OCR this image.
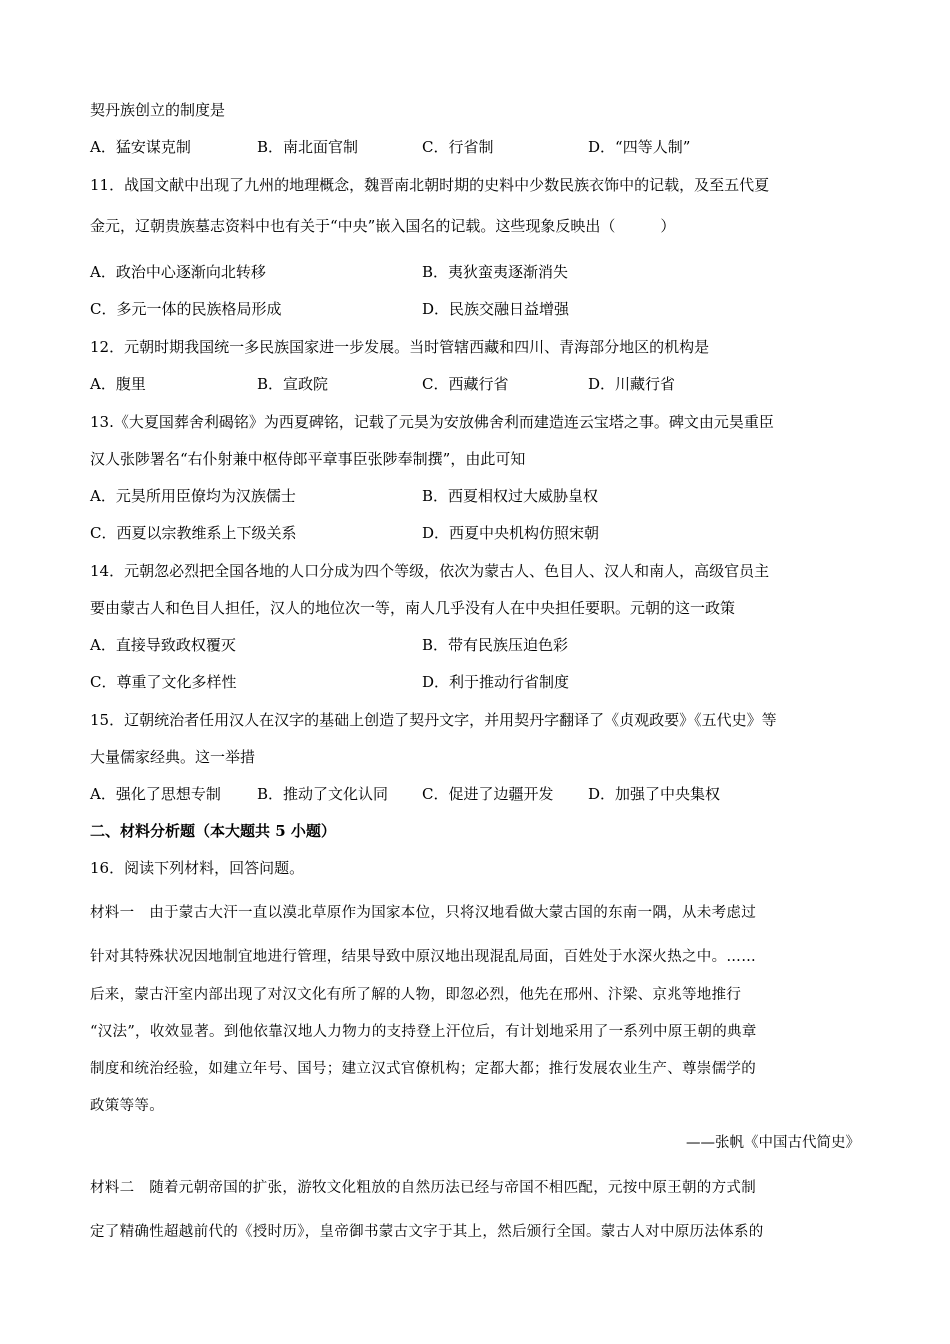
契丹族创立的制度是
A．猛安谋克制	B．南北面官制	C．行省制	D．“四等人制”
11．战国文献中出现了九州的地理概念，魏晋南北朝时期的史料中少数民族衣饰中的记载，及至五代夏
金元，辽朝贵族墓志资料中也有关于“中央”嵌入国名的记载。这些现象反映出（　　　）
A．政治中心逐渐向北转移	B．夷狄蛮夷逐渐消失
C．多元一体的民族格局形成	D．民族交融日益增强
12．元朝时期我国统一多民族国家进一步发展。当时管辖西藏和四川、青海部分地区的机构是
A．腹里	B．宣政院	C．西藏行省	D．川藏行省
13.《大夏国葬舍利碣铭》为西夏碑铭，记载了元昊为安放佛舍利而建造连云宝塔之事。碑文由元昊重臣
汉人张陟署名“右仆射兼中枢侍郎平章事臣张陟奉制撰”，由此可知
A．元昊所用臣僚均为汉族儒士	B．西夏相权过大威胁皇权
C．西夏以宗教维系上下级关系	D．西夏中央机构仿照宋朝
14．元朝忽必烈把全国各地的人口分成为四个等级，依次为蒙古人、色目人、汉人和南人，高级官员主
要由蒙古人和色目人担任，汉人的地位次一等，南人几乎没有人在中央担任要职。元朝的这一政策
A．直接导致政权覆灭	B．带有民族压迫色彩
C．尊重了文化多样性	D．利于推动行省制度
15．辽朝统治者任用汉人在汉字的基础上创造了契丹文字，并用契丹字翻译了《贞观政要》《五代史》等
大量儒家经典。这一举措
A．强化了思想专制 B．推动了文化认同 C．促进了边疆开发 D．加强了中央集权
二、材料分析题（本大题共 5 小题）
16．阅读下列材料，回答问题。
材料一　由于蒙古大汗一直以漠北草原作为国家本位，只将汉地看做大蒙古国的东南一隅，从未考虑过
针对其特殊状况因地制宜地进行管理，结果导致中原汉地出现混乱局面，百姓处于水深火热之中。……
后来，蒙古汗室内部出现了对汉文化有所了解的人物，即忽必烈，他先在邢州、汴梁、京兆等地推行
“汉法”，收效显著。到他依靠汉地人力物力的支持登上汗位后，有计划地采用了一系列中原王朝的典章
制度和统治经验，如建立年号、国号；建立汉式官僚机构；定都大都；推行发展农业生产、尊崇儒学的
政策等等。
——张帆《中国古代简史》
材料二　随着元朝帝国的扩张，游牧文化粗放的自然历法已经与帝国不相匹配，元按中原王朝的方式制
定了精确性超越前代的《授时历》，皇帝御书蒙古文字于其上，然后颁行全国。蒙古人对中原历法体系的
